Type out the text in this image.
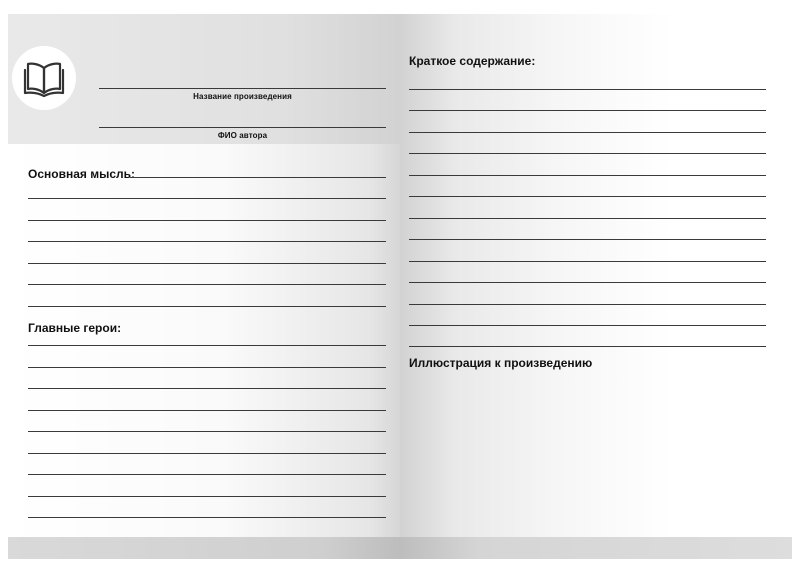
Название произведения
ФИО автора
Основная мысль:
Главные герои:
Краткое содержание:
Иллюстрация к произведению
